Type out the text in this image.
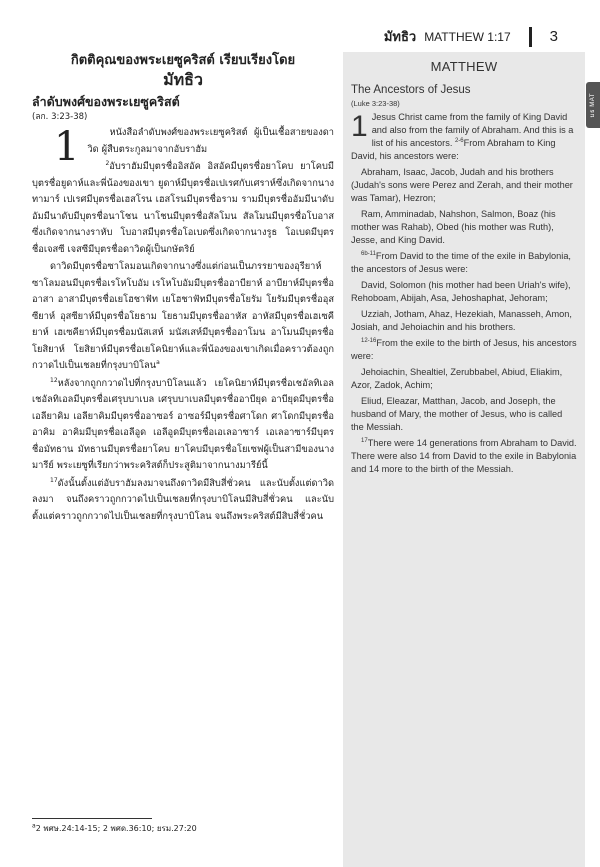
มัทธิว MATTHEW 1:17	3
มธ MAT

กิตติคุณของพระเยซูคริสต์ เรียบเรียงโดย

มัทธิว

ลำดับพงศ์ของพระเยซูคริสต์

(ลก. 3:23-38)

1	หนังสือลำดับพงศ์ของพระเยซูคริสต์ ผู้เป็นเชื้อสายของดาวิด ผู้สืบตระกูลมาจากอับราฮัม

$^2$อับราฮัมมีบุตรชื่ออิสอัค อิสอัคมีบุตรชื่อยาโคบ ยาโคบมีบุตรชื่อยูดาห์และพี่น้องของเขา ยูดาห์มีบุตรชื่อเปเรศกับเศราห์ซึ่งเกิดจากนางทามาร์ เปเรศมีบุตรชื่อเฮสโรน เฮสโรนมีบุตรชื่อราม รามมีบุตรชื่ออัมมีนาดับ อัมมีนาดับมีบุตรชื่อนาโชน นาโชนมีบุตรชื่อสัลโมน สัลโมนมีบุตรชื่อโบอาสซึ่งเกิดจากนางราหับ โบอาสมีบุตรชื่อโอเบดซึ่งเกิดจากนางรูธ โอเบดมีบุตรชื่อเจสซี เจสซีมีบุตรชื่อดาวิดผู้เป็นกษัตริย์

ดาวิดมีบุตรชื่อซาโลมอนเกิดจากนางซึ่งแต่ก่อนเป็นภรรยาของอุรียาห์ ซาโลมอนมีบุตรชื่อเรโหโบอัม เรโหโบอัมมีบุตรชื่ออาบียาห์ อาบียาห์มีบุตรชื่ออาสา อาสามีบุตรชื่อเยโฮชาฟัท เยโฮชาฟัทมีบุตรชื่อโยรัม โยรัมมีบุตรชื่ออุสซียาห์ อุสซียาห์มีบุตรชื่อโยธาม โยธามมีบุตรชื่ออาหัส อาหัสมีบุตรชื่อเฮเซคียาห์ เฮเซคียาห์มีบุตรชื่อมนัสเสห์ มนัสเสห์มีบุตรชื่ออาโมน อาโมนมีบุตรชื่อโยสิยาห์ โยสิยาห์มีบุตรชื่อเยโคนิยาห์และพี่น้องของเขาเกิดเมื่อคราวต้องถูกกวาดไปเป็นเชลยที่กรุงบาบิโลน$^a$

$^{12}$หลังจากถูกกวาดไปที่กรุงบาบิโลนแล้ว เยโคนิยาห์มีบุตรชื่อเชอัลทิเอล เชอัลทิเอลมีบุตรชื่อเศรุบบาเบล เศรุบบาเบลมีบุตรชื่ออาบียุด อาบียุดมีบุตรชื่อเอลียาคิม เอลียาคิมมีบุตรชื่ออาซอร์ อาซอร์มีบุตรชื่อศาโดก ศาโดกมีบุตรชื่ออาคิม อาคิมมีบุตรชื่อเอลีอูด เอลีอูดมีบุตรชื่อเอเลอาซาร์ เอเลอาซาร์มีบุตรชื่อมัทธาน มัทธานมีบุตรชื่อยาโคบ ยาโคบมีบุตรชื่อโยเซฟผู้เป็นสามีของนางมารีย์ พระเยซูที่เรียกว่าพระคริสต์ก็ประสูติมาจากนางมารีย์นี้

$^{17}$ดังนั้นตั้งแต่อับราฮัมลงมาจนถึงดาวิดมีสิบสี่ชั่วคน และนับตั้งแต่ดาวิดลงมา จนถึงคราวถูกกวาดไปเป็นเชลยที่กรุงบาบิโลนมีสิบสี่ชั่วคน และนับตั้งแต่คราวถูกกวาดไปเป็นเชลยที่กรุงบาบิโลน จนถึงพระคริสต์มีสิบสี่ชั่วคน

$^a$2 พศษ.24:14-15; 2 พศด.36:10; ยรม.27:20

MATTHEW

The Ancestors of Jesus

(Luke 3:23-38)

1 Jesus Christ came from the family of King David and also from the family of Abraham. And this is a list of his ancestors. $^{2-6}$From Abraham to King David, his ancestors were:

Abraham, Isaac, Jacob, Judah and his brothers (Judah's sons were Perez and Zerah, and their mother was Tamar), Hezron;

Ram, Amminadab, Nahshon, Salmon, Boaz (his mother was Rahab), Obed (his mother was Ruth), Jesse, and King David.

$^{6b-11}$From David to the time of the exile in Babylonia, the ancestors of Jesus were:

David, Solomon (his mother had been Uriah's wife), Rehoboam, Abijah, Asa, Jehoshaphat, Jehoram;

Uzziah, Jotham, Ahaz, Hezekiah, Manasseh, Amon, Josiah, and Jehoiachin and his brothers.

$^{12-16}$From the exile to the birth of Jesus, his ancestors were:

Jehoiachin, Shealtiel, Zerubbabel, Abiud, Eliakim, Azor, Zadok, Achim;

Eliud, Eleazar, Matthan, Jacob, and Joseph, the husband of Mary, the mother of Jesus, who is called the Messiah.

$^{17}$There were 14 generations from Abraham to David. There were also 14 from David to the exile in Babylonia and 14 more to the birth of the Messiah.
